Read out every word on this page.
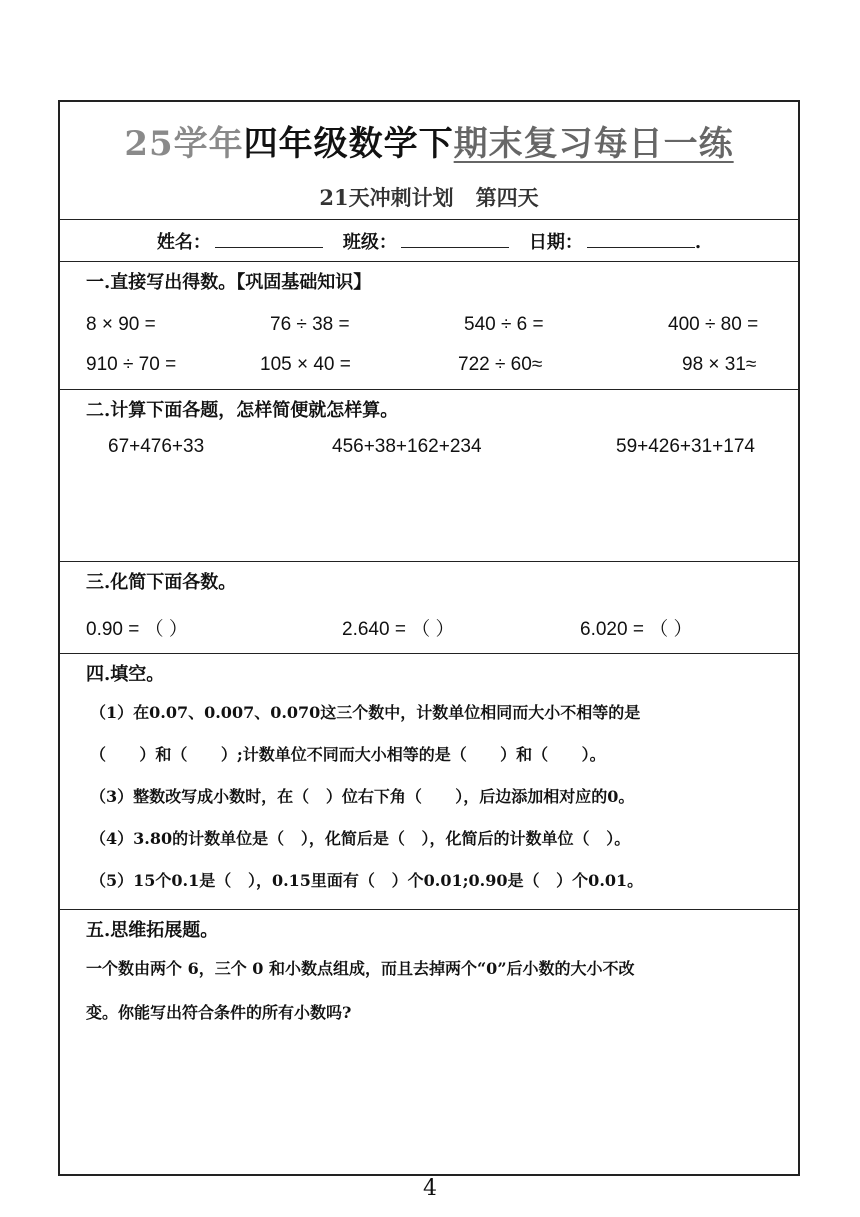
25学年四年级数学下期末复习每日一练
21天冲刺计划   第四天
姓名：	班级：	日期：	.
一.直接写出得数。【巩固基础知识】
8 × 90 =	76 ÷ 38 =	540 ÷ 6 =	400 ÷ 80 =
910 ÷ 70 =	105 × 40 =	722 ÷ 60≈	98 × 31≈
二.计算下面各题，怎样简便就怎样算。
67+476+33	456+38+162+234	59+426+31+174
三.化简下面各数。
0.90 = （ ）	2.640 = （ ）	6.020 = （ ）
四.填空。
（1）在0.07、0.007、0.070这三个数中，计数单位相同而大小不相等的是
（      ）和（      ）;计数单位不同而大小相等的是（      ）和（      ）。
（3）整数改写成小数时，在（   ）位右下角（      ），后边添加相对应的0。
（4）3.80的计数单位是（   ），化简后是（   ），化简后的计数单位（   ）。
（5）15个0.1是（   ），0.15里面有（   ）个0.01;0.90是（   ）个0.01。
五.思维拓展题。
一个数由两个 6，三个 0 和小数点组成，而且去掉两个“0”后小数的大小不改
变。你能写出符合条件的所有小数吗?
4
